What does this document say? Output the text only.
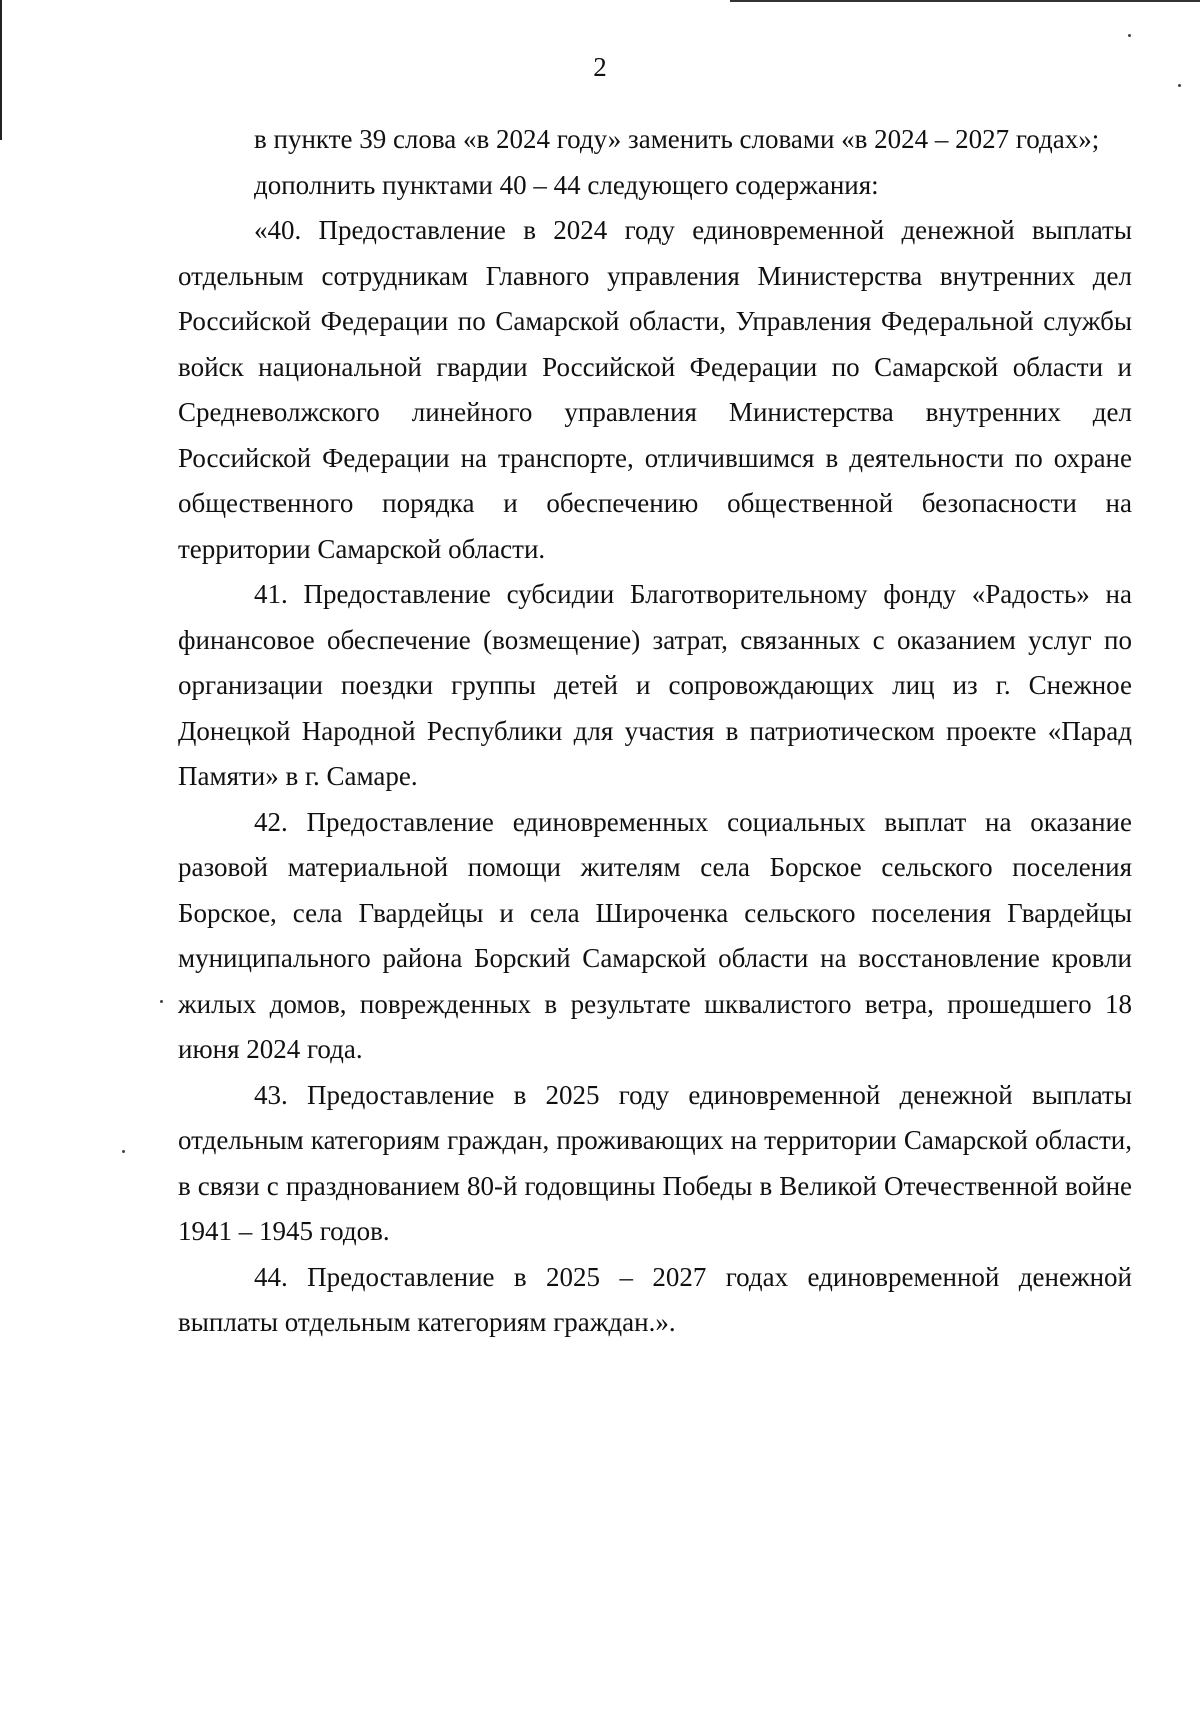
2

в пункте 39 слова «в 2024 году» заменить словами «в 2024 – 2027 годах»;

дополнить пунктами 40 – 44 следующего содержания:

«40. Предоставление в 2024 году единовременной денежной выплаты отдельным сотрудникам Главного управления Министерства внутренних дел Российской Федерации по Самарской области, Управления Федеральной службы войск национальной гвардии Российской Федерации по Самарской области и Средневолжского линейного управления Министерства внутренних дел Российской Федерации на транспорте, отличившимся в деятельности по охране общественного порядка и обеспечению общественной безопасности на территории Самарской области.

41. Предоставление субсидии Благотворительному фонду «Радость» на финансовое обеспечение (возмещение) затрат, связанных с оказанием услуг по организации поездки группы детей и сопровождающих лиц из г. Снежное Донецкой Народной Республики для участия в патриотическом проекте «Парад Памяти» в г. Самаре.

42. Предоставление единовременных социальных выплат на оказание разовой материальной помощи жителям села Борское сельского поселения Борское, села Гвардейцы и села Широченка сельского поселения Гвардейцы муниципального района Борский Самарской области на восстановление кровли жилых домов, поврежденных в результате шквалистого ветра, прошедшего 18 июня 2024 года.

43. Предоставление в 2025 году единовременной денежной выплаты отдельным категориям граждан, проживающих на территории Самарской области, в связи с празднованием 80-й годовщины Победы в Великой Отечественной войне 1941 – 1945 годов.

44. Предоставление в 2025 – 2027 годах единовременной денежной выплаты отдельным категориям граждан.».
